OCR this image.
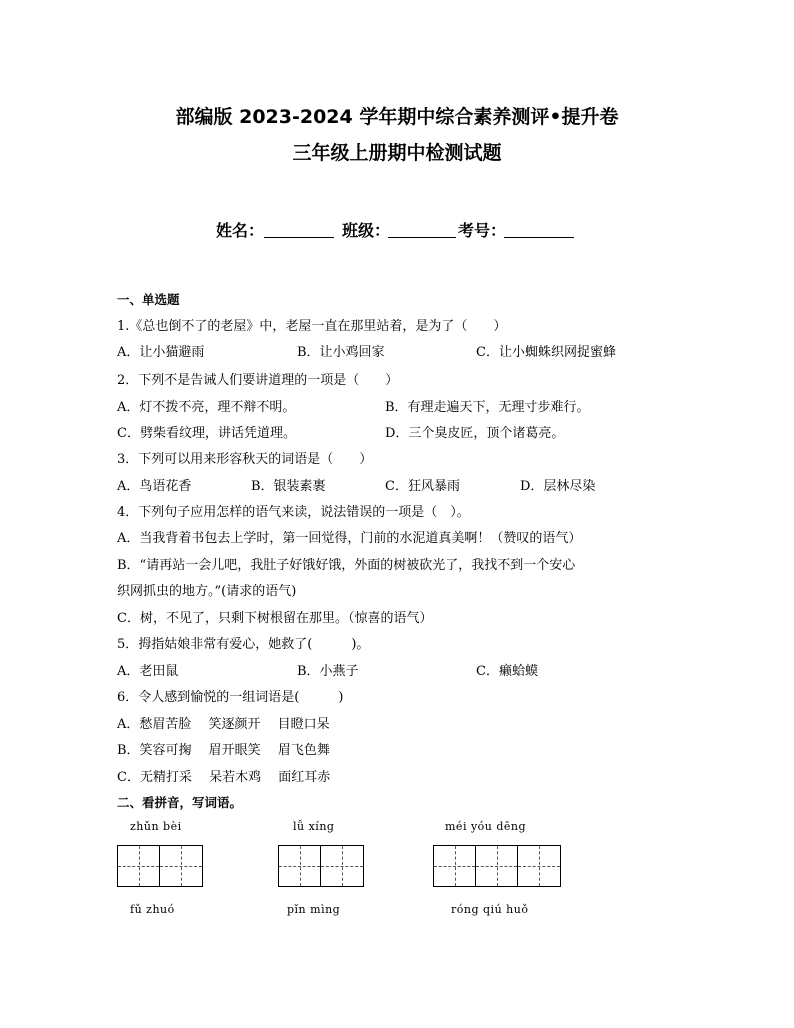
部编版 2023-2024 学年期中综合素养测评•提升卷
三年级上册期中检测试题
姓名：	班级：	考号：
一、单选题
1.《总也倒不了的老屋》中，老屋一直在那里站着，是为了（　　）
A．让小猫避雨	B．让小鸡回家	C．让小蜘蛛织网捉蜜蜂
2．下列不是告诫人们要讲道理的一项是（　　）
A．灯不拨不亮，理不辩不明。	B．有理走遍天下，无理寸步难行。
C．劈柴看纹理，讲话凭道理。	D．三个臭皮匠，顶个诸葛亮。
3．下列可以用来形容秋天的词语是（　　）
A．鸟语花香	B．银装素裹	C．狂风暴雨	D．层林尽染
4．下列句子应用怎样的语气来读，说法错误的一项是（　）。
A．当我背着书包去上学时，第一回觉得，门前的水泥道真美啊！（赞叹的语气）
B．“请再站一会儿吧，我肚子好饿好饿，外面的树被砍光了，我找不到一个安心
织网抓虫的地方。”(请求的语气)
C．树，不见了，只剩下树根留在那里。（惊喜的语气）
5．拇指姑娘非常有爱心，她救了(　　　)。
A．老田鼠	B．小燕子	C．癞蛤蟆
6．令人感到愉悦的一组词语是(　　　)
A．愁眉苦脸　 笑逐颜开　 目瞪口呆
B．笑容可掬　 眉开眼笑　 眉飞色舞
C．无精打采　 呆若木鸡　 面红耳赤
二、看拼音，写词语。
zhǔn bèi	lǚ xíng	méi yóu dēng
fǔ zhuó	pǐn mìng	róng qiú huǒ
